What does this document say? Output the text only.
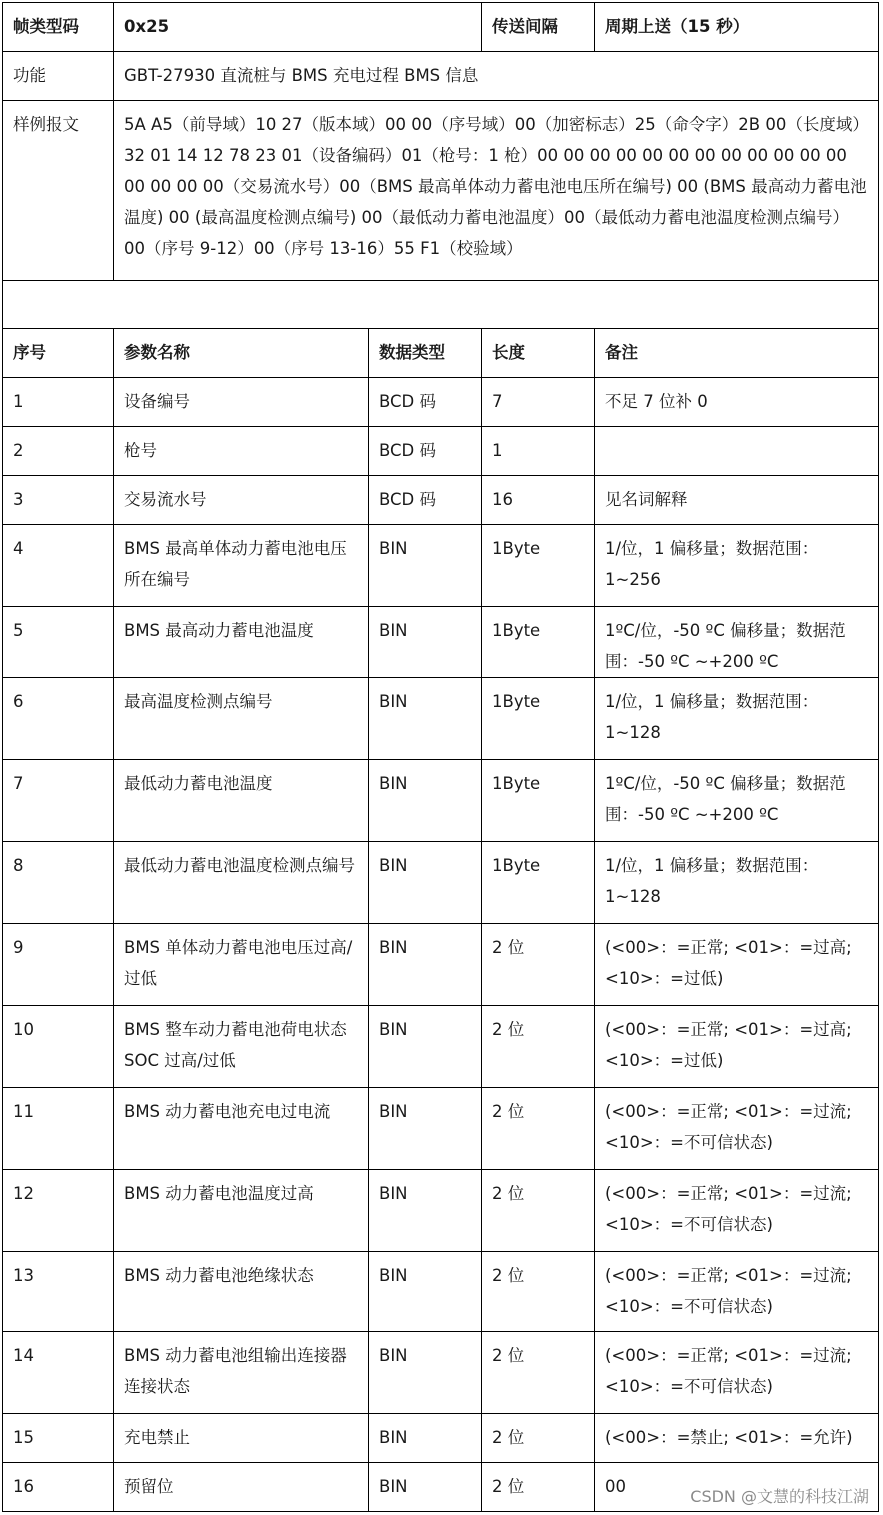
帧类型码	0x25		传送间隔	周期上送（15 秒）
功能	GBT-27930 直流桩与 BMS 充电过程 BMS 信息			
样例报文	5A A5（前导域）10 27（版本域）00 00（序号域）00（加密标志）25（命令字）2B 00（长度域）32 01 14 12 78 23 01（设备编码）01（枪号：1 枪）00 00 00 00 00 00 00 00 00 00 00 00 00 00 00 00（交易流水号）00（BMS 最高单体动力蓄电池电压所在编号) 00 (BMS 最高动力蓄电池温度) 00 (最高温度检测点编号) 00（最低动力蓄电池温度）00（最低动力蓄电池温度检测点编号）00（序号 9-12）00（序号 13-16）55 F1（校验域）			

序号	参数名称	数据类型	长度	备注
1	设备编号	BCD 码	7	不足 7 位补 0
2	枪号	BCD 码	1	
3	交易流水号	BCD 码	16	见名词解释
4	BMS 最高单体动力蓄电池电压所在编号	BIN	1Byte	1/位，1 偏移量；数据范围：1~256
5	BMS 最高动力蓄电池温度	BIN	1Byte	1ºC/位，-50 ºC 偏移量；数据范围：-50 ºC ~+200 ºC
6	最高温度检测点编号	BIN	1Byte	1/位，1 偏移量；数据范围：1~128
7	最低动力蓄电池温度	BIN	1Byte	1ºC/位，-50 ºC 偏移量；数据范围：-50 ºC ~+200 ºC
8	最低动力蓄电池温度检测点编号	BIN	1Byte	1/位，1 偏移量；数据范围：1~128
9	BMS 单体动力蓄电池电压过高/过低	BIN	2 位	(<00>：=正常; <01>：=过高; <10>：=过低)
10	BMS 整车动力蓄电池荷电状态 SOC 过高/过低	BIN	2 位	(<00>：=正常; <01>：=过高; <10>：=过低)
11	BMS 动力蓄电池充电过电流	BIN	2 位	(<00>：=正常; <01>：=过流; <10>：=不可信状态)
12	BMS 动力蓄电池温度过高	BIN	2 位	(<00>：=正常; <01>：=过流; <10>：=不可信状态)
13	BMS 动力蓄电池绝缘状态	BIN	2 位	(<00>：=正常; <01>：=过流; <10>：=不可信状态)
14	BMS 动力蓄电池组输出连接器连接状态	BIN	2 位	(<00>：=正常; <01>：=过流; <10>：=不可信状态)
15	充电禁止	BIN	2 位	(<00>：=禁止; <01>：=允许)
16	预留位	BIN	2 位	00
CSDN @文慧的科技江湖
